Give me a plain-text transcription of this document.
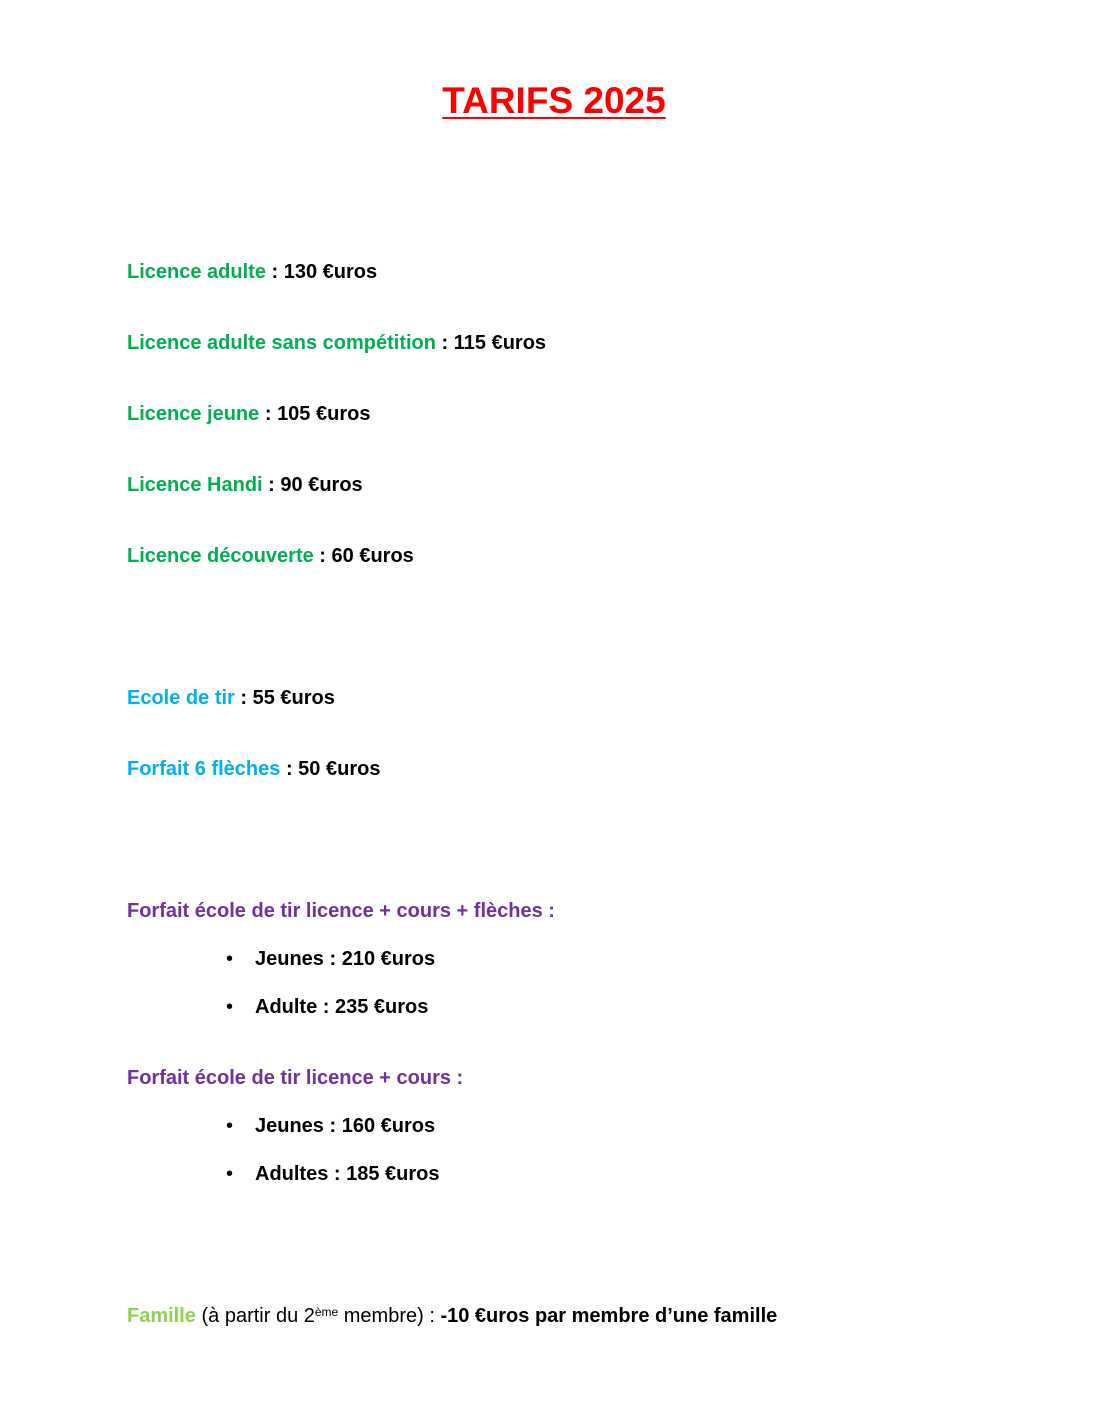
TARIFS 2025
Licence adulte : 130 €uros
Licence adulte sans compétition : 115 €uros
Licence jeune : 105 €uros
Licence Handi : 90 €uros
Licence découverte : 60 €uros
Ecole de tir : 55 €uros
Forfait 6 flèches : 50 €uros
Forfait école de tir licence + cours + flèches :
• Jeunes : 210 €uros
• Adulte : 235 €uros
Forfait école de tir licence + cours :
• Jeunes : 160 €uros
• Adultes : 185 €uros
Famille (à partir du 2ème membre) : -10 €uros par membre d’une famille
